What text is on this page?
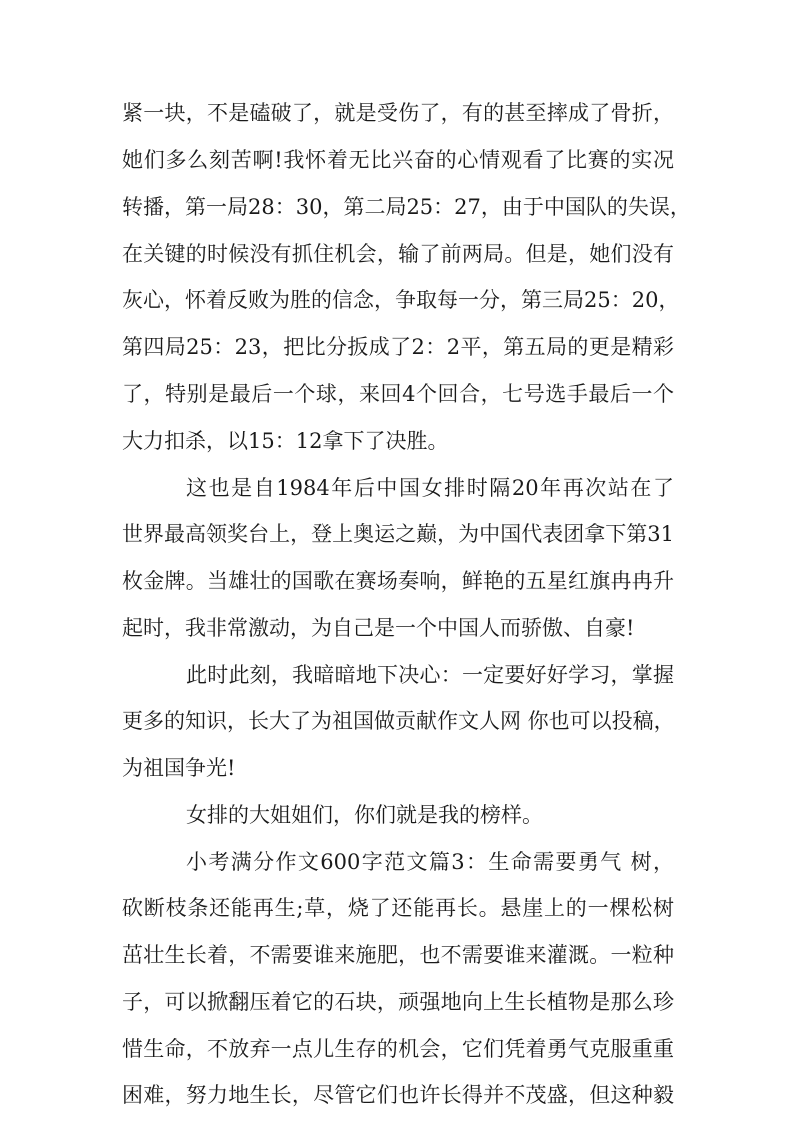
紧一块，不是磕破了，就是受伤了，有的甚至摔成了骨折，
她们多么刻苦啊!我怀着无比兴奋的心情观看了比赛的实况
转播，第一局28：30，第二局25：27，由于中国队的失误，
在关键的时候没有抓住机会，输了前两局。但是，她们没有
灰心，怀着反败为胜的信念，争取每一分，第三局25：20，
第四局25：23，把比分扳成了2：2平，第五局的更是精彩
了，特别是最后一个球，来回4个回合，七号选手最后一个
大力扣杀，以15：12拿下了决胜。
这也是自1984年后中国女排时隔20年再次站在了
世界最高领奖台上，登上奥运之巅，为中国代表团拿下第31
枚金牌。当雄壮的国歌在赛场奏响，鲜艳的五星红旗冉冉升
起时，我非常激动，为自己是一个中国人而骄傲、自豪!
此时此刻，我暗暗地下决心：一定要好好学习，掌握
更多的知识，长大了为祖国做贡献作文人网 你也可以投稿，
为祖国争光!
女排的大姐姐们，你们就是我的榜样。
小考满分作文600字范文篇3：生命需要勇气 树，
砍断枝条还能再生;草，烧了还能再长。悬崖上的一棵松树
茁壮生长着，不需要谁来施肥，也不需要谁来灌溉。一粒种
子，可以掀翻压着它的石块，顽强地向上生长植物是那么珍
惜生命，不放弃一点儿生存的机会，它们凭着勇气克服重重
困难，努力地生长，尽管它们也许长得并不茂盛，但这种毅
